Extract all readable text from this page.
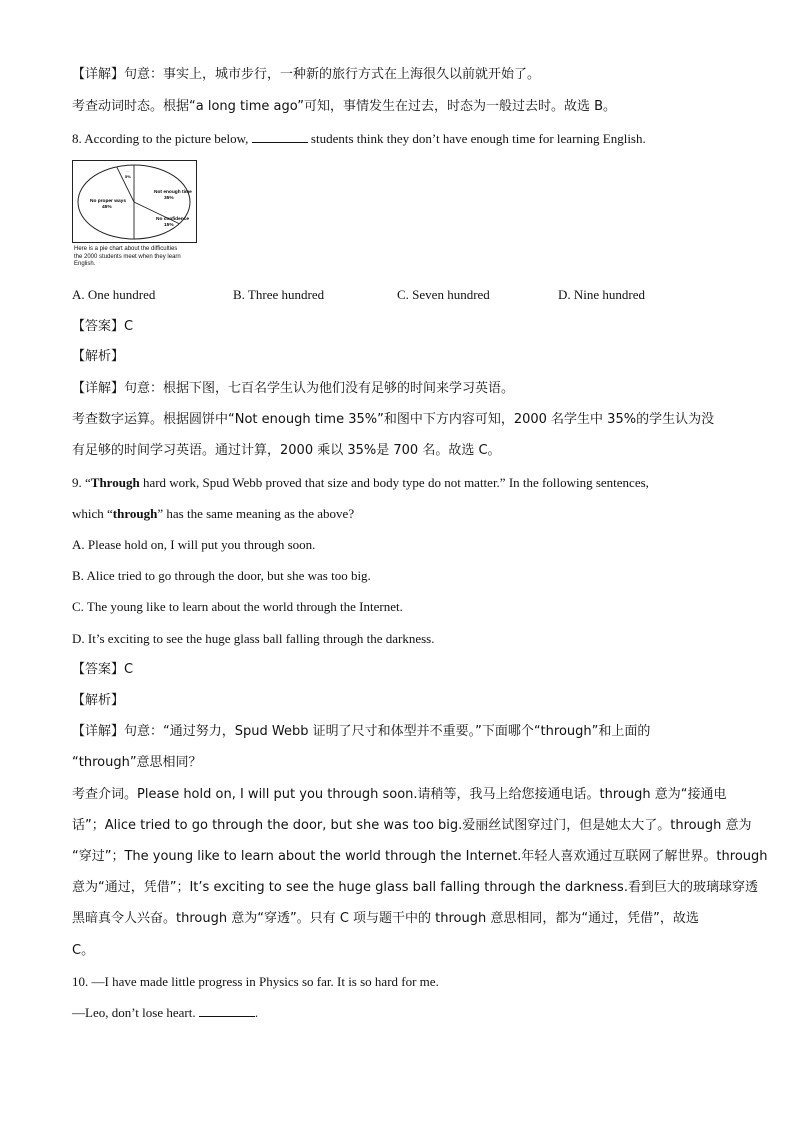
【详解】句意：事实上，城市步行，一种新的旅行方式在上海很久以前就开始了。
考查动词时态。根据“a long time ago”可知，事情发生在过去，时态为一般过去时。故选 B。
8. According to the picture below,	students think they don’t have enough time for learning English.
Not enough time
35%
No confidence
15%
No proper ways
45%
...
5%
Here is a pie chart about the difficulties
the 2000 students meet when they learn
English.
A. One hundred	B. Three hundred	C. Seven hundred	D. Nine hundred
【答案】C
【解析】
【详解】句意：根据下图，七百名学生认为他们没有足够的时间来学习英语。
考查数字运算。根据圆饼中“Not enough time 35%”和图中下方内容可知，2000 名学生中 35%的学生认为没
有足够的时间学习英语。通过计算，2000 乘以 35%是 700 名。故选 C。
9. “Through hard work, Spud Webb proved that size and body type do not matter.” In the following sentences,
which “through” has the same meaning as the above?
A. Please hold on, I will put you through soon.
B. Alice tried to go through the door, but she was too big.
C. The young like to learn about the world through the Internet.
D. It’s exciting to see the huge glass ball falling through the darkness.
【答案】C
【解析】
【详解】句意：“通过努力，Spud Webb 证明了尺寸和体型并不重要。”下面哪个“through”和上面的
“through”意思相同？
考查介词。Please hold on, I will put you through soon.请稍等，我马上给您接通电话。through 意为“接通电
话”；Alice tried to go through the door, but she was too big.爱丽丝试图穿过门，但是她太大了。through 意为
“穿过”；The young like to learn about the world through the Internet.年轻人喜欢通过互联网了解世界。through
意为“通过，凭借”；It’s exciting to see the huge glass ball falling through the darkness.看到巨大的玻璃球穿透
黑暗真令人兴奋。through 意为“穿透”。只有 C 项与题干中的 through 意思相同，都为“通过，凭借”，故选
C。
10. —I have made little progress in Physics so far. It is so hard for me.
—Leo, don’t lose heart.	.
